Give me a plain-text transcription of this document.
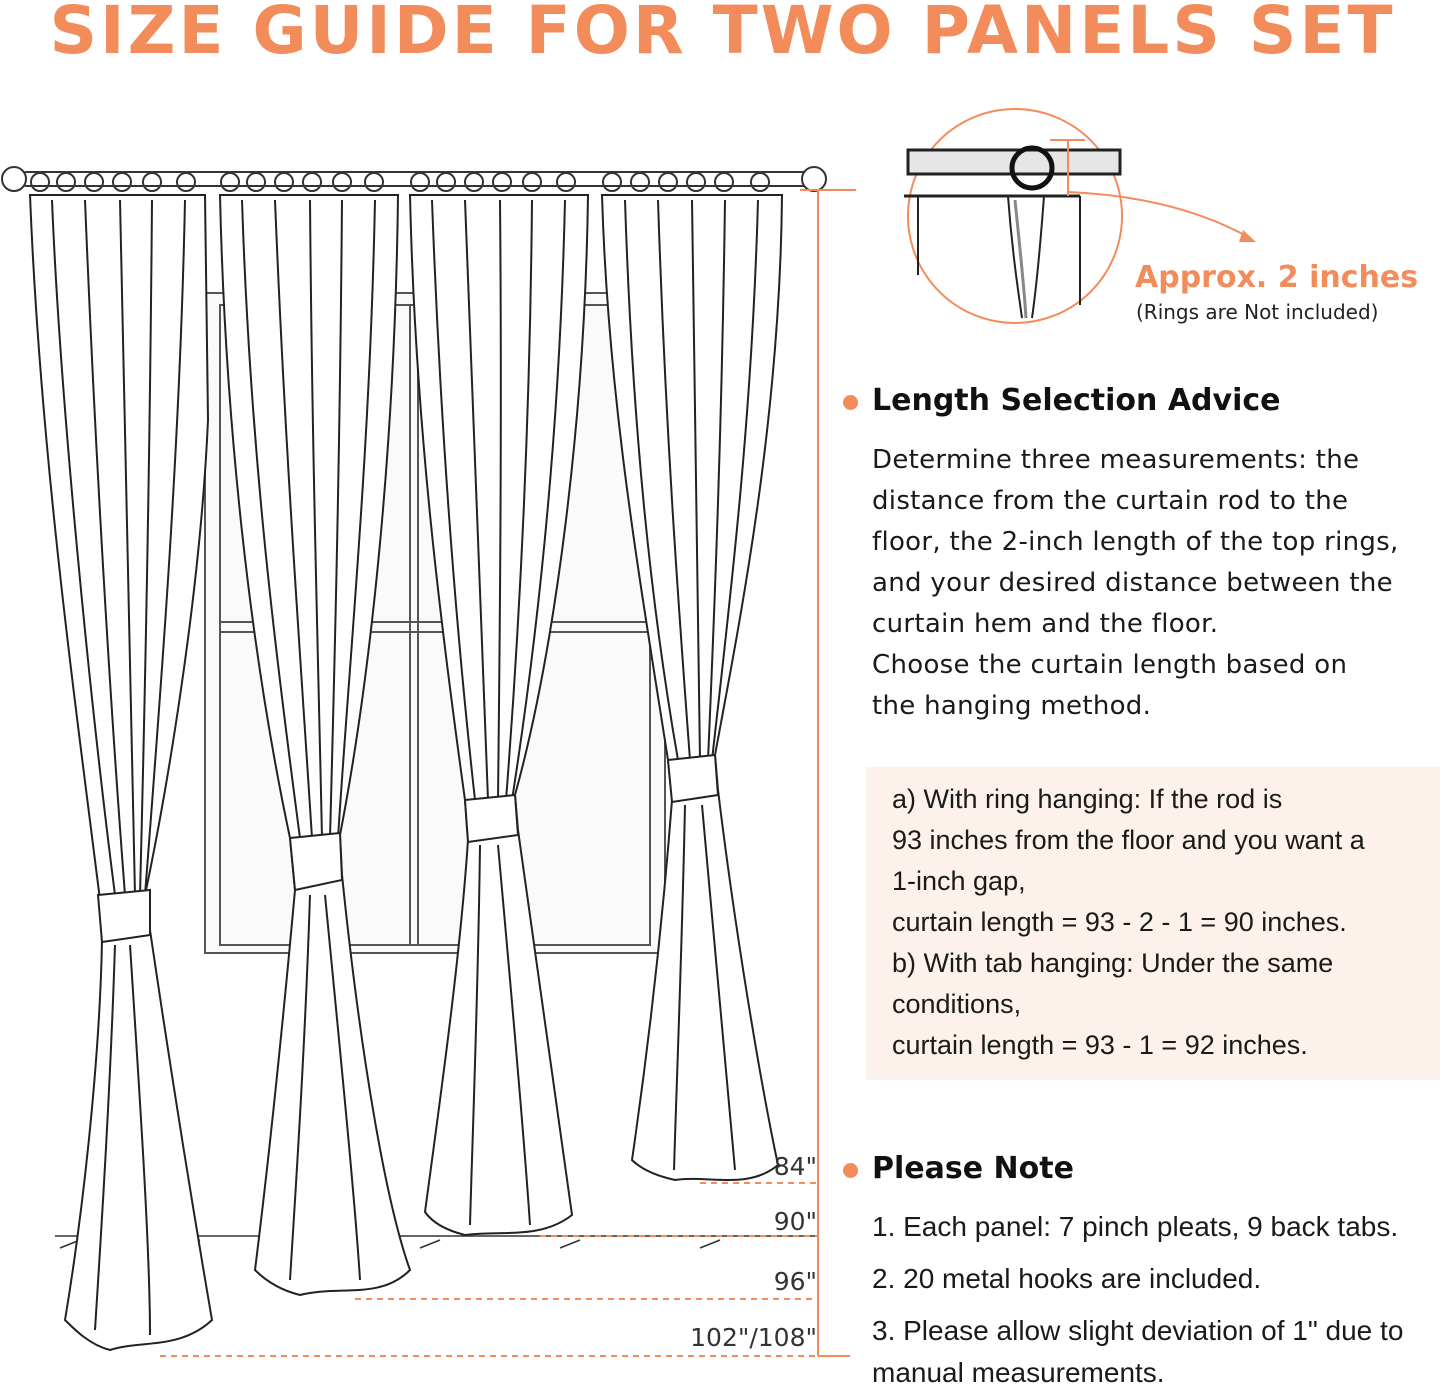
SIZE GUIDE FOR TWO PANELS SET
84"
90"
96"
102"/108"
Approx. 2 inches
(Rings are Not included)
Length Selection Advice

Determine three measurements: the

distance from the curtain rod to the

floor, the 2-inch length of the top rings,

and your desired distance between the

curtain hem and the floor.

Choose the curtain length based on

the hanging method.

a) With ring hanging: If the rod is

93 inches from the floor and you want a

1-inch gap,

curtain length = 93 - 2 - 1 = 90 inches.

b) With tab hanging: Under the same

conditions,

curtain length = 93 - 1 = 92 inches.

Please Note

1. Each panel: 7 pinch pleats, 9 back tabs.

2. 20 metal hooks are included.

3. Please allow slight deviation of 1" due to

manual measurements.
